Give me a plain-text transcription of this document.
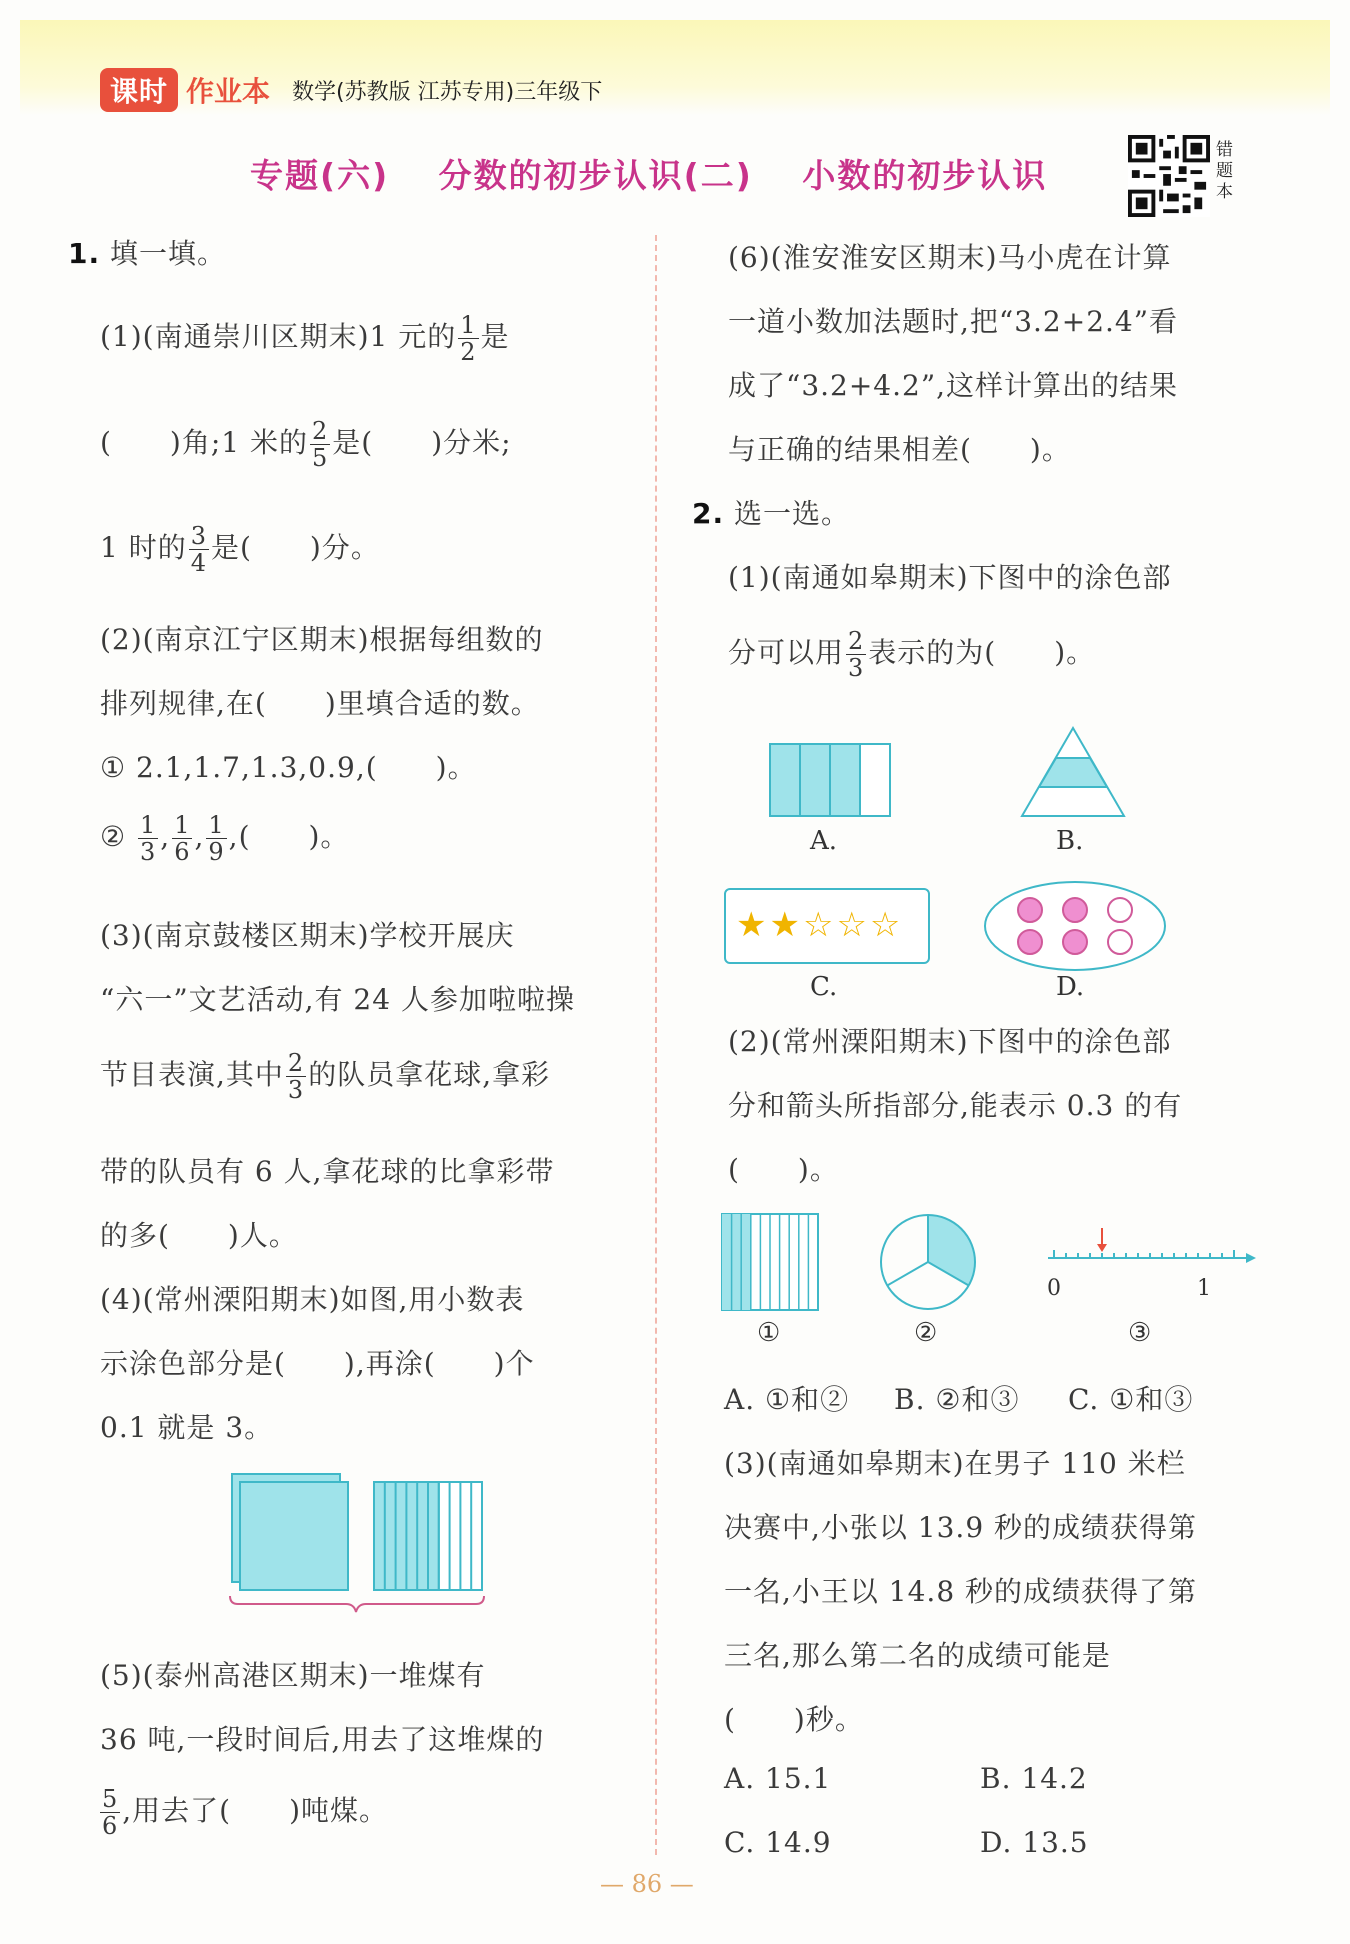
课时 作业本 数学(苏教版 江苏专用)三年级下
专题(六) 分数的初步认识(二) 小数的初步认识
错
题
本
1. 填一填。
(1)(南通崇川区期末)1 元的 $\frac{1}{2}$ 是
(　　)角;1 米的 $\frac{2}{5}$ 是(　　)分米;
1 时的 $\frac{3}{4}$ 是(　　)分。
(2)(南京江宁区期末)根据每组数的
排列规律,在(　　)里填合适的数。
① 2.1,1.7,1.3,0.9,(　　)。
② $\frac{1}{3}$ , $\frac{1}{6}$ , $\frac{1}{9}$ ,(　　)。
(3)(南京鼓楼区期末)学校开展庆
“六一”文艺活动,有 24 人参加啦啦操
节目表演,其中 $\frac{2}{3}$ 的队员拿花球,拿彩
带的队员有 6 人,拿花球的比拿彩带
的多(　　)人。
(4)(常州溧阳期末)如图,用小数表
示涂色部分是(　　),再涂(　　)个
0.1 就是 3。
(5)(泰州高港区期末)一堆煤有
36 吨,一段时间后,用去了这堆煤的
$\frac{5}{6}$ ,用去了(　　)吨煤。
(6)(淮安淮安区期末)马小虎在计算
一道小数加法题时,把“3.2+2.4”看
成了“3.2+4.2”,这样计算出的结果
与正确的结果相差(　　)。
2. 选一选。
(1)(南通如皋期末)下图中的涂色部
分可以用 $\frac{2}{3}$ 表示的为(　　)。
A.	B.
★★☆☆☆
C.	D.
(2)(常州溧阳期末)下图中的涂色部
分和箭头所指部分,能表示 0.3 的有
(　　)。
①	②
0	1
③
A. ①和② B. ②和③ C. ①和③
(3)(南通如皋期末)在男子 110 米栏
决赛中,小张以 13.9 秒的成绩获得第
一名,小王以 14.8 秒的成绩获得了第
三名,那么第二名的成绩可能是
(　　)秒。
A. 15.1	B. 14.2
C. 14.9	D. 13.5
— 86 —
